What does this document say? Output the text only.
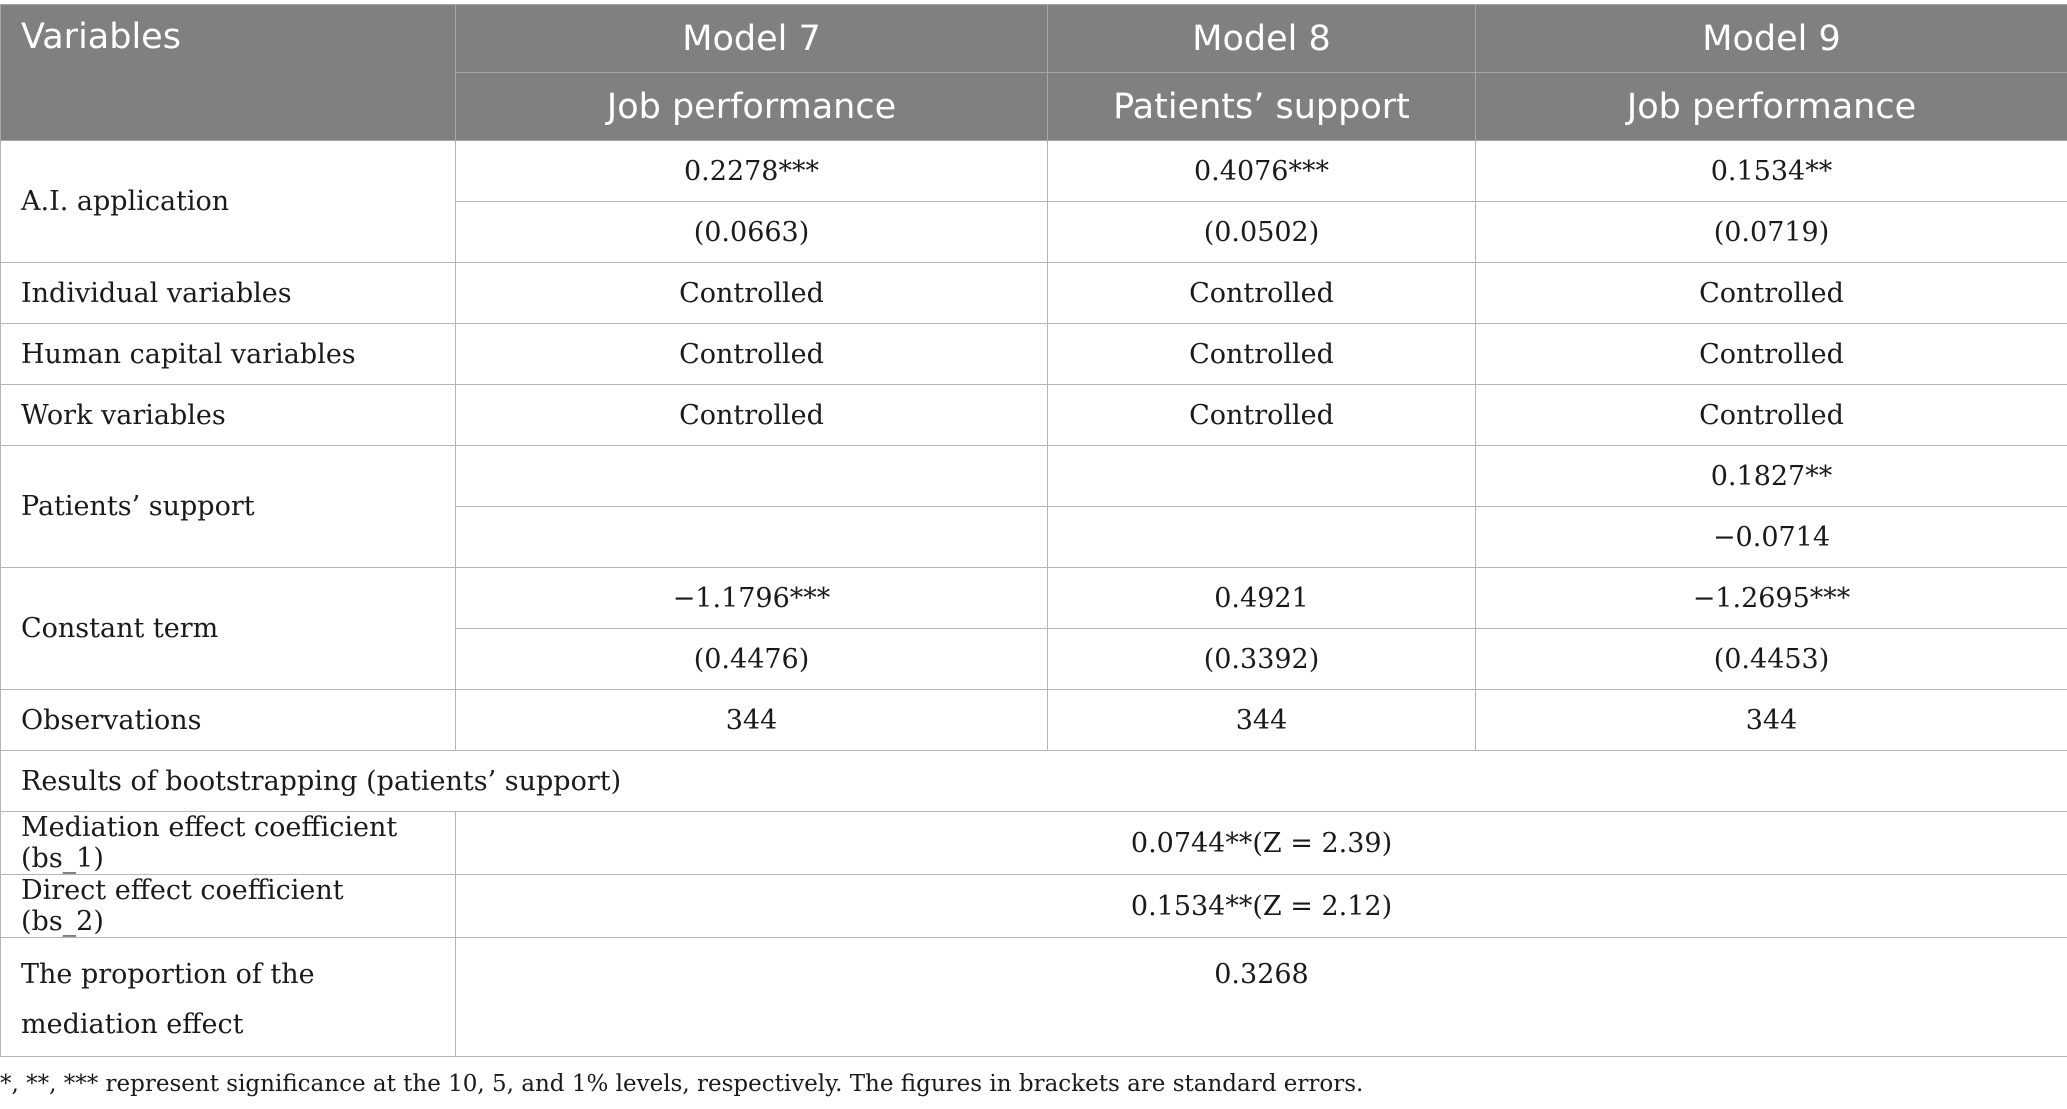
Variables	Model 7	Model 8	Model 9
	Job performance	Patients’ support	Job performance
A.I. application	0.2278***	0.4076***	0.1534**
	(0.0663)	(0.0502)	(0.0719)
Individual variables	Controlled	Controlled	Controlled
Human capital variables	Controlled	Controlled	Controlled
Work variables	Controlled	Controlled	Controlled
Patients’ support			0.1827**
			−0.0714
Constant term	−1.1796***	0.4921	−1.2695***
	(0.4476)	(0.3392)	(0.4453)
Observations	344	344	344
Results of bootstrapping (patients’ support)			
Mediation effect coefficient (bs_1)	0.0744**(Z = 2.39)		
Direct effect coefficient (bs_2)	0.1534**(Z = 2.12)		
The proportion of the mediation effect	0.3268		

*, **, *** represent significance at the 10, 5, and 1% levels, respectively. The figures in brackets are standard errors.
